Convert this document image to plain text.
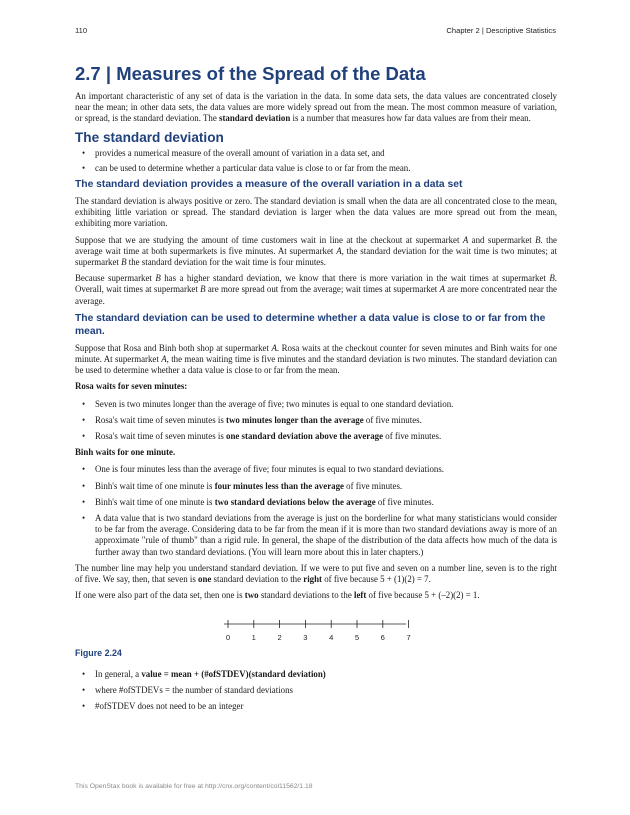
110	Chapter 2 | Descriptive Statistics
2.7 | Measures of the Spread of the Data

An important characteristic of any set of data is the variation in the data. In some data sets, the data values are concentrated closely near the mean; in other data sets, the data values are more widely spread out from the mean. The most common measure of variation, or spread, is the standard deviation. The standard deviation is a number that measures how far data values are from their mean.

The standard deviation
• provides a numerical measure of the overall amount of variation in a data set, and
• can be used to determine whether a particular data value is close to or far from the mean.
The standard deviation provides a measure of the overall variation in a data set

The standard deviation is always positive or zero. The standard deviation is small when the data are all concentrated close to the mean, exhibiting little variation or spread. The standard deviation is larger when the data values are more spread out from the mean, exhibiting more variation.

Suppose that we are studying the amount of time customers wait in line at the checkout at supermarket A and supermarket B. the average wait time at both supermarkets is five minutes. At supermarket A, the standard deviation for the wait time is two minutes; at supermarket B the standard deviation for the wait time is four minutes.

Because supermarket B has a higher standard deviation, we know that there is more variation in the wait times at supermarket B. Overall, wait times at supermarket B are more spread out from the average; wait times at supermarket A are more concentrated near the average.

The standard deviation can be used to determine whether a data value is close to or far from the mean.

Suppose that Rosa and Binh both shop at supermarket A. Rosa waits at the checkout counter for seven minutes and Binh waits for one minute. At supermarket A, the mean waiting time is five minutes and the standard deviation is two minutes. The standard deviation can be used to determine whether a data value is close to or far from the mean.

Rosa waits for seven minutes:

• Seven is two minutes longer than the average of five; two minutes is equal to one standard deviation.
• Rosa's wait time of seven minutes is two minutes longer than the average of five minutes.
• Rosa's wait time of seven minutes is one standard deviation above the average of five minutes.

Binh waits for one minute.

• One is four minutes less than the average of five; four minutes is equal to two standard deviations.
• Binh's wait time of one minute is four minutes less than the average of five minutes.
• Binh's wait time of one minute is two standard deviations below the average of five minutes.
• A data value that is two standard deviations from the average is just on the borderline for what many statisticians would consider to be far from the average. Considering data to be far from the mean if it is more than two standard deviations away is more of an approximate "rule of thumb" than a rigid rule. In general, the shape of the distribution of the data affects how much of the data is further away than two standard deviations. (You will learn more about this in later chapters.)

The number line may help you understand standard deviation. If we were to put five and seven on a number line, seven is to the right of five. We say, then, that seven is one standard deviation to the right of five because 5 + (1)(2) = 7.

If one were also part of the data set, then one is two standard deviations to the left of five because 5 + (–2)(2) = 1.

0	1	2	3	4	5	6	7

Figure 2.24

• In general, a value = mean + (#ofSTDEV)(standard deviation)
• where #ofSTDEVs = the number of standard deviations
• #ofSTDEV does not need to be an integer
This OpenStax book is available for free at http://cnx.org/content/col11562/1.18
